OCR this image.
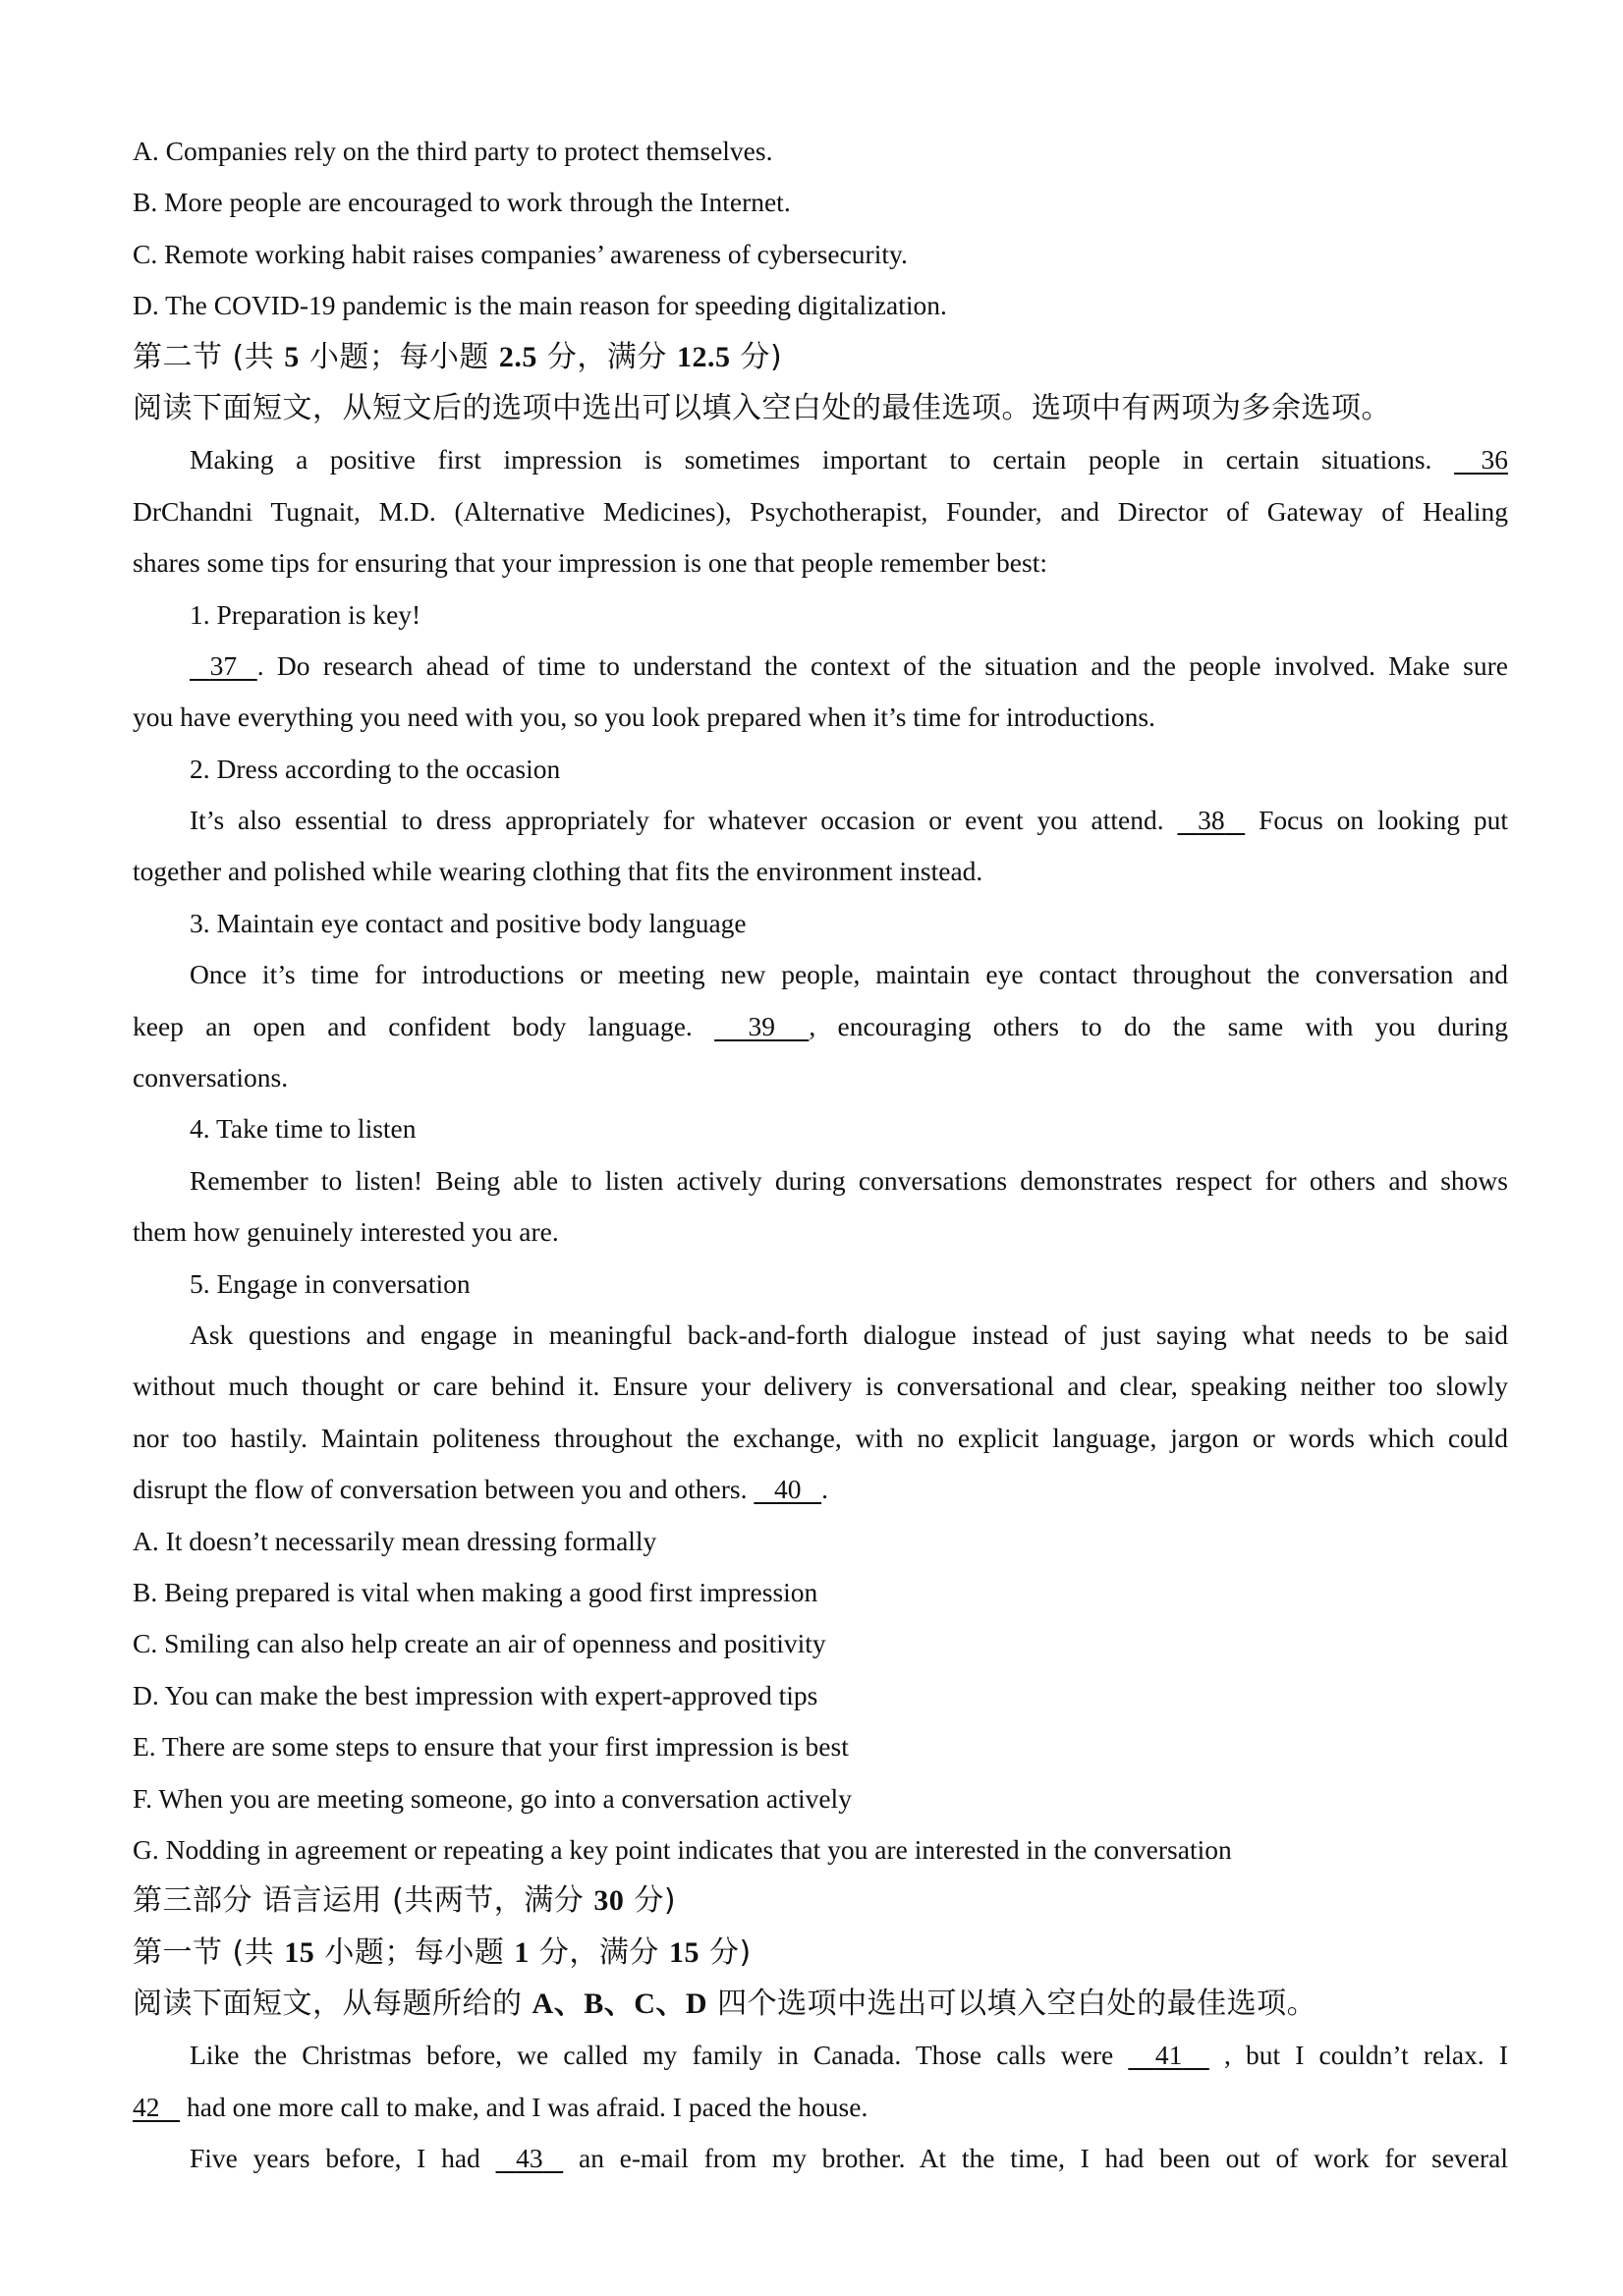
A. Companies rely on the third party to protect themselves.
B. More people are encouraged to work through the Internet.
C. Remote working habit raises companies’ awareness of cybersecurity.
D. The COVID-19 pandemic is the main reason for speeding digitalization.
第二节 (共 5 小题；每小题 2.5 分，满分 12.5 分)
阅读下面短文，从短文后的选项中选出可以填入空白处的最佳选项。选项中有两项为多余选项。
Making a positive first impression is sometimes important to certain people in certain situations. 36
DrChandni Tugnait, M.D. (Alternative Medicines), Psychotherapist, Founder, and Director of Gateway of Healing
shares some tips for ensuring that your impression is one that people remember best:
1. Preparation is key!
37 . Do research ahead of time to understand the context of the situation and the people involved. Make sure
you have everything you need with you, so you look prepared when it’s time for introductions.
2. Dress according to the occasion
It’s also essential to dress appropriately for whatever occasion or event you attend. 38 Focus on looking put
together and polished while wearing clothing that fits the environment instead.
3. Maintain eye contact and positive body language
Once it’s time for introductions or meeting new people, maintain eye contact throughout the conversation and
keep an open and confident body language. 39 , encouraging others to do the same with you during
conversations.
4. Take time to listen
Remember to listen! Being able to listen actively during conversations demonstrates respect for others and shows
them how genuinely interested you are.
5. Engage in conversation
Ask questions and engage in meaningful back-and-forth dialogue instead of just saying what needs to be said
without much thought or care behind it. Ensure your delivery is conversational and clear, speaking neither too slowly
nor too hastily. Maintain politeness throughout the exchange, with no explicit language, jargon or words which could
disrupt the flow of conversation between you and others. 40 .
A. It doesn’t necessarily mean dressing formally
B. Being prepared is vital when making a good first impression
C. Smiling can also help create an air of openness and positivity
D. You can make the best impression with expert-approved tips
E. There are some steps to ensure that your first impression is best
F. When you are meeting someone, go into a conversation actively
G. Nodding in agreement or repeating a key point indicates that you are interested in the conversation
第三部分 语言运用 (共两节，满分 30 分)
第一节 (共 15 小题；每小题 1 分，满分 15 分)
阅读下面短文，从每题所给的 A、B、C、D 四个选项中选出可以填入空白处的最佳选项。
Like the Christmas before, we called my family in Canada. Those calls were 41 , but I couldn’t relax. I
42 had one more call to make, and I was afraid. I paced the house.
Five years before, I had 43 an e-mail from my brother. At the time, I had been out of work for several
